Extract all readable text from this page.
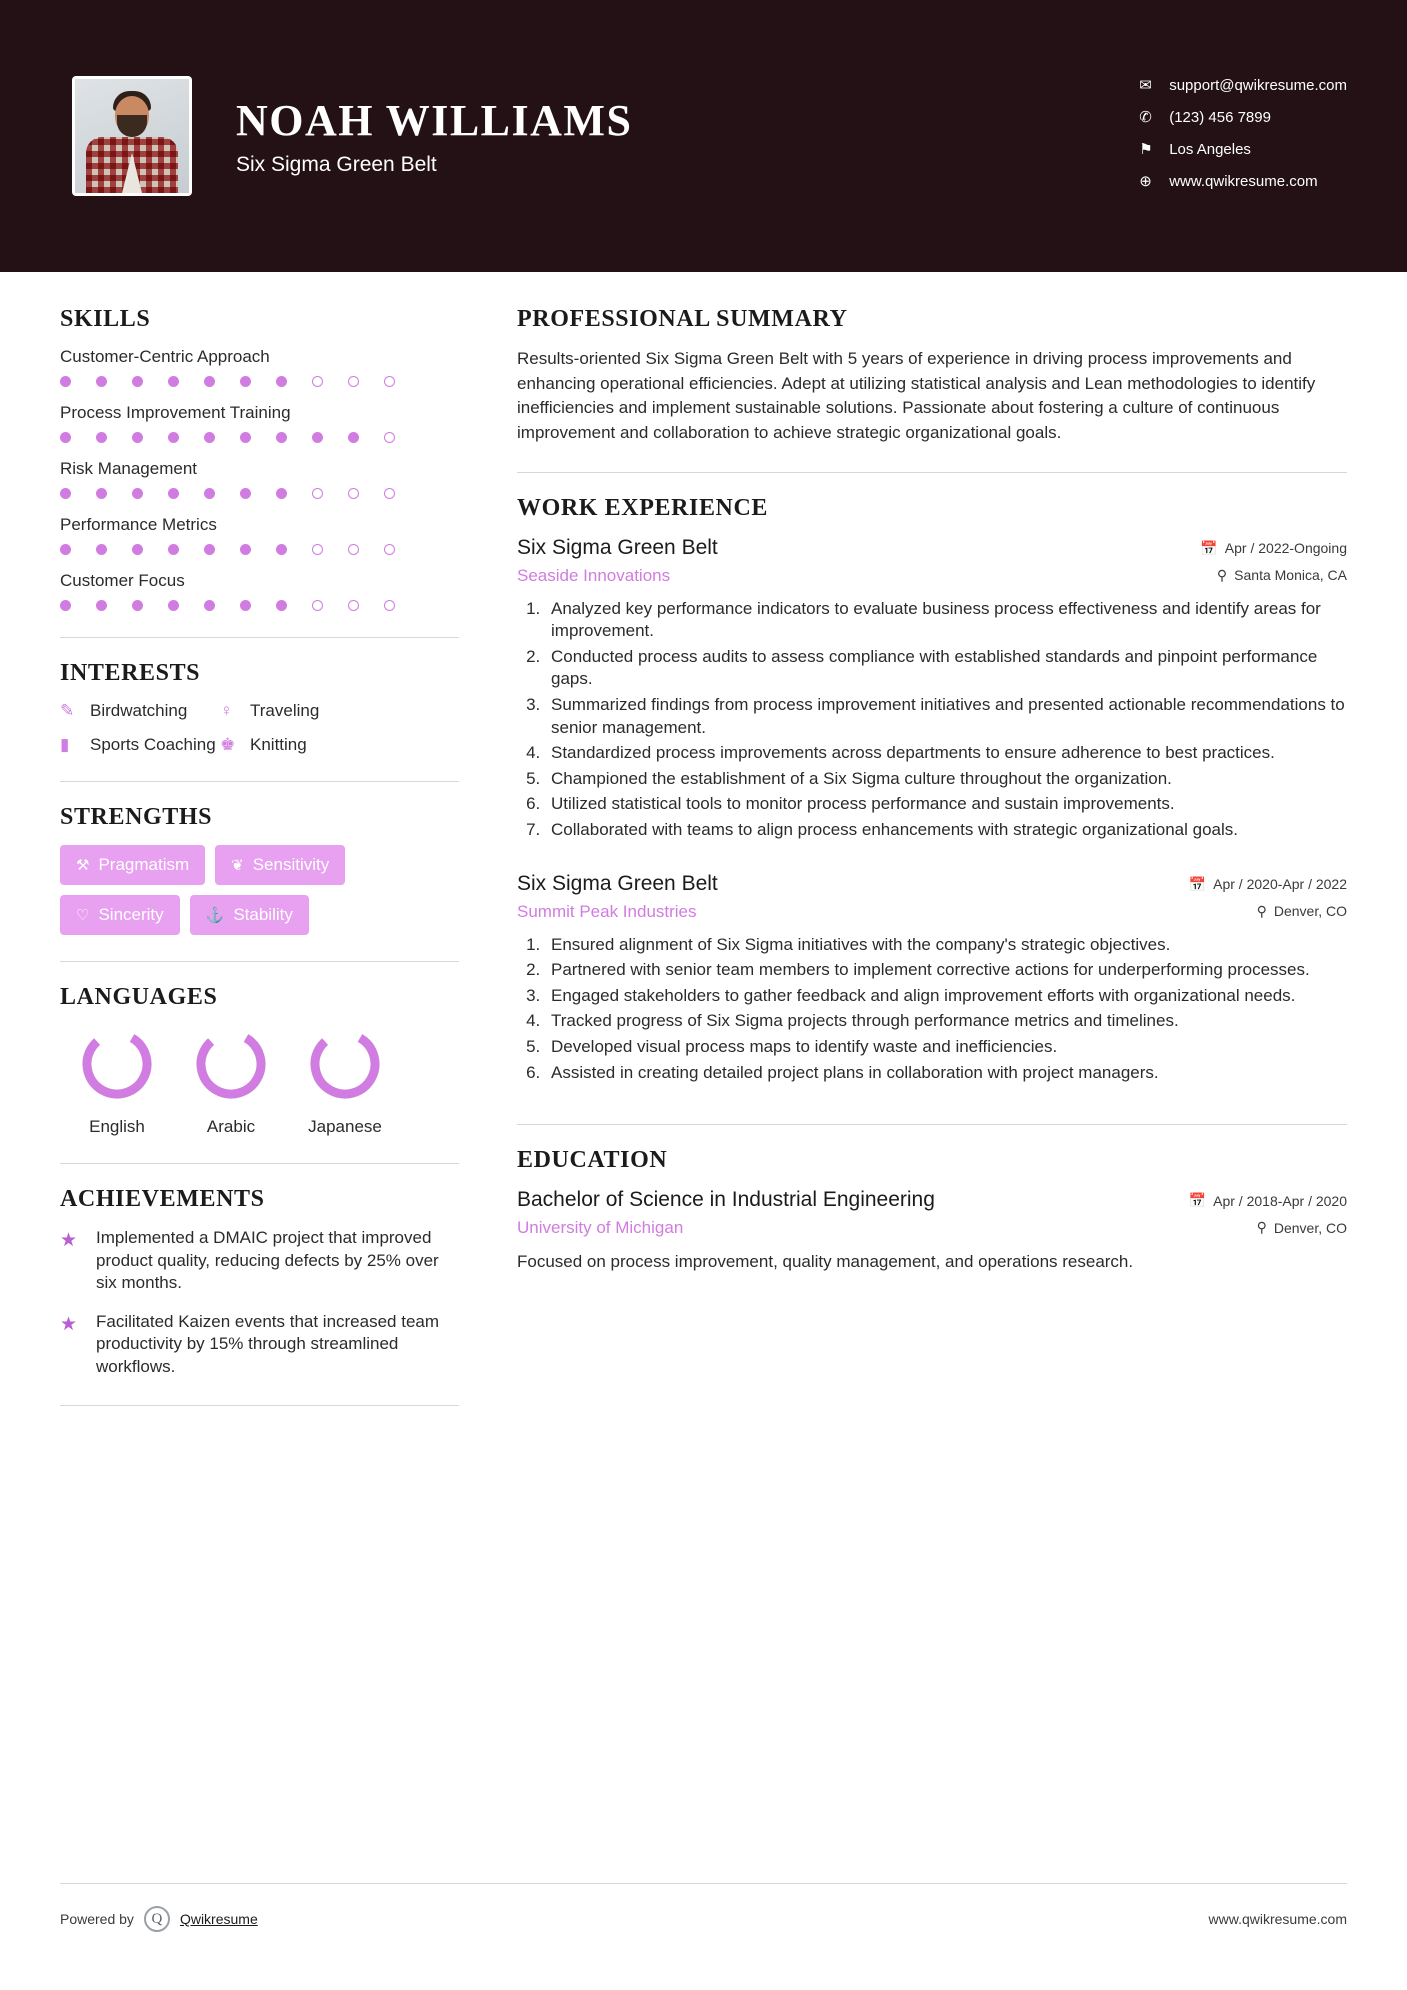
NOAH WILLIAMS
Six Sigma Green Belt
✉	support@qwikresume.com
✆	(123) 456 7899
⚑	Los Angeles
⊕	www.qwikresume.com
SKILLS
Customer-Centric Approach
Process Improvement Training
Risk Management
Performance Metrics
Customer Focus
INTERESTS
✎ Birdwatching ♀	Traveling
▮	Sports Coaching ♚ Knitting
STRENGTHS
⚒ Pragmatism	❦ Sensitivity
♡ Sincerity	⚓ Stability
LANGUAGES
English	Arabic	Japanese
ACHIEVEMENTS
★	Implemented a DMAIC project that improved product quality, reducing defects by 25% over six months.
★	Facilitated Kaizen events that increased team productivity by 15% through streamlined workflows.
PROFESSIONAL SUMMARY

Results-oriented Six Sigma Green Belt with 5 years of experience in driving process improvements and enhancing operational efficiencies. Adept at utilizing statistical analysis and Lean methodologies to identify inefficiencies and implement sustainable solutions. Passionate about fostering a culture of continuous improvement and collaboration to achieve strategic organizational goals.

WORK EXPERIENCE
Six Sigma Green Belt
Seaside Innovations
📅 Apr / 2022-Ongoing
⚲ Santa Monica, CA
1. Analyzed key performance indicators to evaluate business process effectiveness and identify areas for improvement.
2. Conducted process audits to assess compliance with established standards and pinpoint performance gaps.
3. Summarized findings from process improvement initiatives and presented actionable recommendations to senior management.
4. Standardized process improvements across departments to ensure adherence to best practices.
5. Championed the establishment of a Six Sigma culture throughout the organization.
6. Utilized statistical tools to monitor process performance and sustain improvements.
7. Collaborated with teams to align process enhancements with strategic organizational goals.
Six Sigma Green Belt
Summit Peak Industries
📅 Apr / 2020-Apr / 2022
⚲ Denver, CO
1. Ensured alignment of Six Sigma initiatives with the company's strategic objectives.
2. Partnered with senior team members to implement corrective actions for underperforming processes.
3. Engaged stakeholders to gather feedback and align improvement efforts with organizational needs.
4. Tracked progress of Six Sigma projects through performance metrics and timelines.
5. Developed visual process maps to identify waste and inefficiencies.
6. Assisted in creating detailed project plans in collaboration with project managers.
EDUCATION
Bachelor of Science in Industrial Engineering
University of Michigan
📅 Apr / 2018-Apr / 2020
⚲ Denver, CO
Focused on process improvement, quality management, and operations research.
Powered by	Q	Qwikresume	www.qwikresume.com
